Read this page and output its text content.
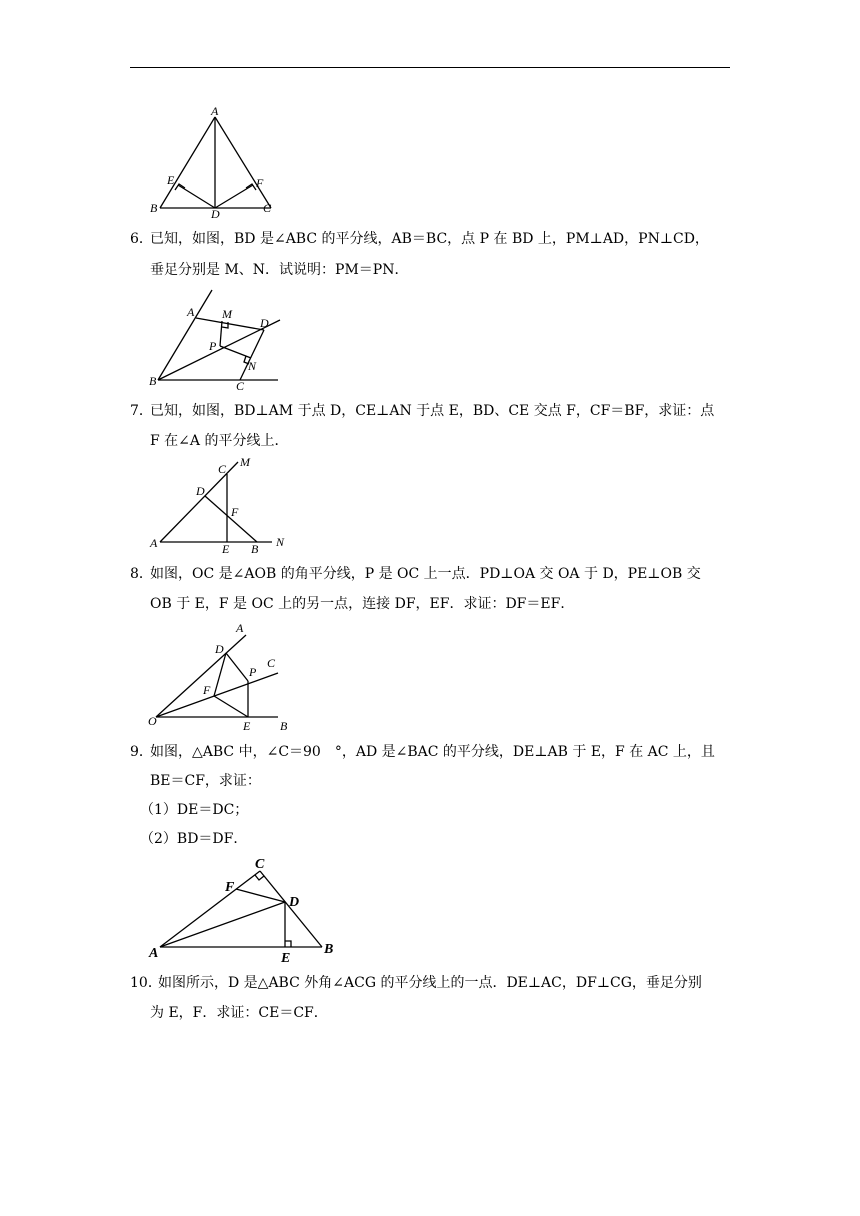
A
B	C
D
E	F
6．
已知，如图，BD 是∠ABC 的平分线，AB＝BC，点 P 在 BD 上，PM⊥AD，PN⊥CD，
垂足分别是 M、N．试说明：PM＝PN．
A M
D
P
N
B	C
7．
已知，如图，BD⊥AM 于点 D，CE⊥AN 于点 E，BD、CE 交点 F，CF＝BF，求证：点
F 在∠A 的平分线上．
C M
D
F
A	E B N
8．
如图，OC 是∠AOB 的角平分线，P 是 OC 上一点．PD⊥OA 交 OA 于 D，PE⊥OB 交
OB 于 E，F 是 OC 上的另一点，连接 DF，EF．求证：DF＝EF．
A
D
P
C
F
O	E B
9．
如图，△ABC 中，∠C＝90　°，AD 是∠BAC 的平分线，DE⊥AB 于 E，F 在 AC 上，且
BE＝CF，求证：
（1）DE＝DC；
（2）BD＝DF．
C
F
D
A	E
B
10．
如图所示，D 是△ABC 外角∠ACG 的平分线上的一点．DE⊥AC，DF⊥CG，垂足分别
为 E，F．求证：CE＝CF．
